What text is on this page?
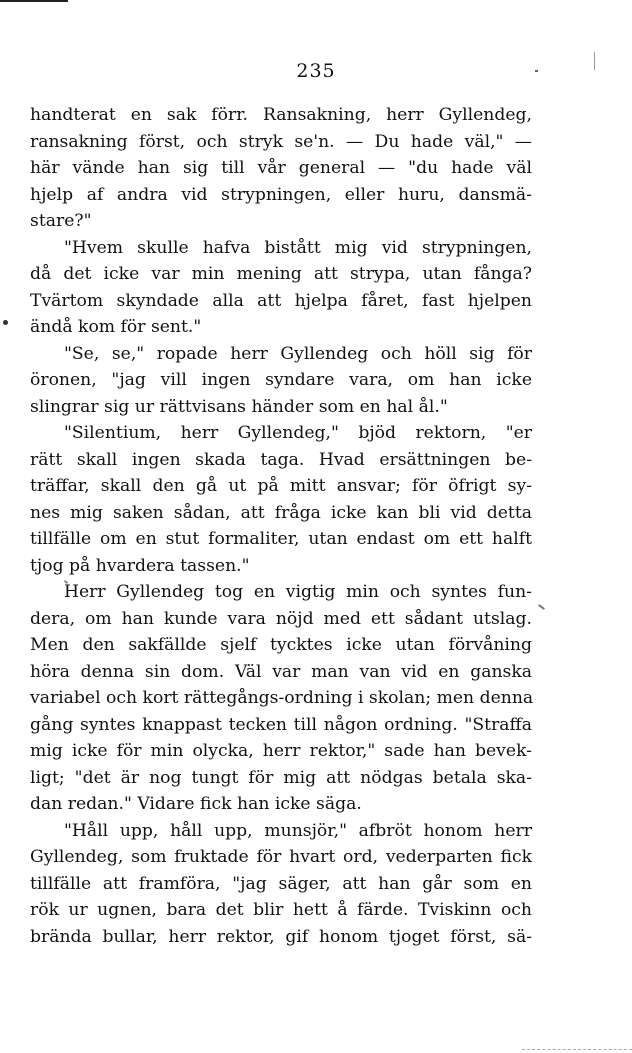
235
handterat en sak förr. Ransakning, herr Gyllendeg,
ransakning först, och stryk se'n. — Du hade väl," —
här vände han sig till vår general — "du hade väl
hjelp af andra vid strypningen, eller huru, dansmä-
stare?"
"Hvem skulle hafva bistått mig vid strypningen,
då det icke var min mening att strypa, utan fånga?
Tvärtom skyndade alla att hjelpa fåret, fast hjelpen
ändå kom för sent."
"Se, se," ropade herr Gyllendeg och höll sig för
öronen, "jag vill ingen syndare vara, om han icke
slingrar sig ur rättvisans händer som en hal ål."
"Silentium, herr Gyllendeg," bjöd rektorn, "er
rätt skall ingen skada taga. Hvad ersättningen be-
träffar, skall den gå ut på mitt ansvar; för öfrigt sy-
nes mig saken sådan, att fråga icke kan bli vid detta
tillfälle om en stut formaliter, utan endast om ett halft
tjog på hvardera tassen."
Herr Gyllendeg tog en vigtig min och syntes fun-
dera, om han kunde vara nöjd med ett sådant utslag.
Men den sakfällde sjelf tycktes icke utan förvåning
höra denna sin dom. Väl var man van vid en ganska
variabel och kort rättegångs-ordning i skolan; men denna
gång syntes knappast tecken till någon ordning. "Straffa
mig icke för min olycka, herr rektor," sade han bevek-
ligt; "det är nog tungt för mig att nödgas betala ska-
dan redan." Vidare fick han icke säga.
"Håll upp, håll upp, munsjör," afbröt honom herr
Gyllendeg, som fruktade för hvart ord, vederparten fick
tillfälle att framföra, "jag säger, att han går som en
rök ur ugnen, bara det blir hett å färde. Tviskinn och
brända bullar, herr rektor, gif honom tjoget först, sä-
